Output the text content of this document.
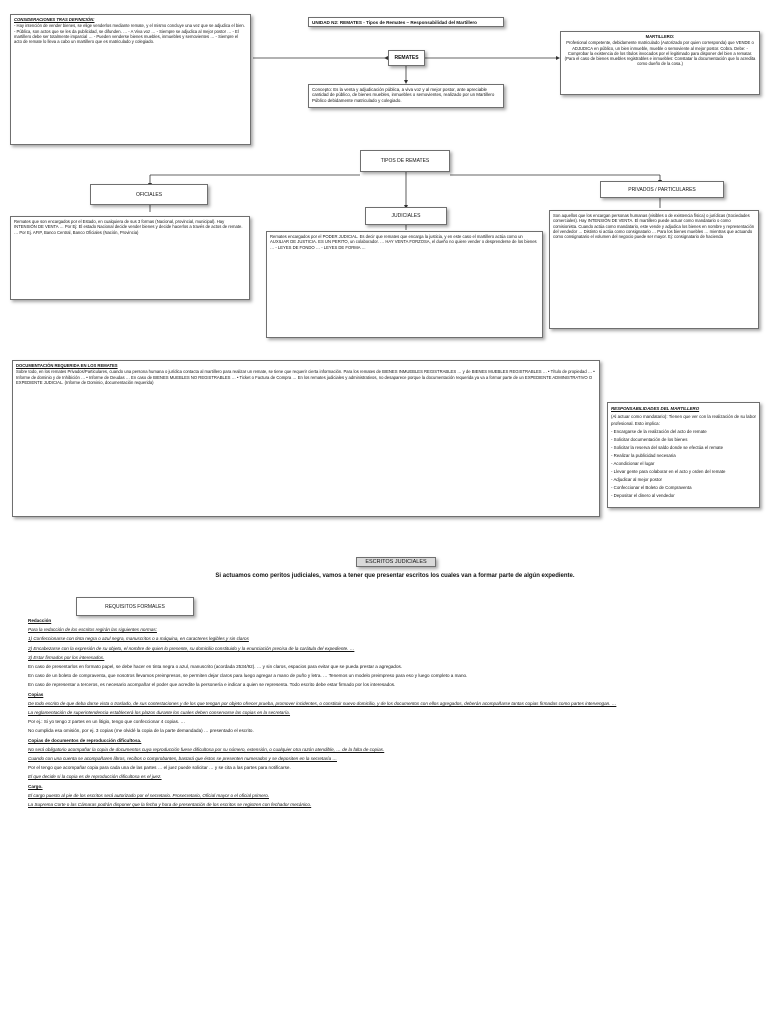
CONSIDERACIONES TRAS DEFINICIÓN:

- Hay intención de vender bienes, se elige venderlos mediante remate, y el mismo concluye una vez que se adjudica el bien. - Pública, son actos que se les da publicidad, se difunden. … - A Viva voz … - Siempre se adjudica al mejor postor … - El martillero debe ser totalmente imparcial … - Pueden venderse bienes muebles, inmuebles y semovientes … - Siempre el acto de remate lo lleva a cabo un martillero que es matriculado y colegiado.

UNIDAD N2: REMATES - Tipos de Remates – Responsabilidad del Martillero

REMATES

Concepto: Es la venta y adjudicación pública, a viva voz y al mejor postor, ante apreciable cantidad de público, de bienes muebles, inmuebles o semovientes, realizado por un Martillero Público debidamente matriculado y colegiado.

MARTILLERO:

Profesional competente, debidamente matriculado (Autorizado por quien corresponda) que VENDE o ADJUDICA en público, un bien inmueble, mueble o semoviente al mejor postor. Cobra. Debe: - Comprobar la existencia de los títulos invocados por el legitimado para disponer del bien a rematar. (Para el caso de bienes muebles registrables e inmuebles: Constatar la documentación que lo acredita como dueño de la cosa.)

TIPOS DE REMATES
OFICIALES
JUDICIALES
PRIVADOS / PARTICULARES

Remates que son encargados por el Estado, en cualquiera de sus 3 formas (Nacional, provincial, municipal). Hay INTENSIÓN DE VENTA … Por Ej: El estado Nacional decide vender bienes y decide hacerlos a través de actos de remate. … Por Ej. AFIP, Banco Central, Banco Oficiales (Nación, Provincia)

Remates encargados por el PODER JUDICIAL. Es decir que remates que encarga la justicia, y en este caso el martillero actúa como un AUXILIAR DE JUSTICIA. ES UN PERITO, un colaborador. … HAY VENTA FORZOSA, el dueño no quiere vender o desprenderse de los bienes … - LEYES DE FONDO … - LEYES DE FORMA …

Son aquellos que los encargan personas humanas (visibles o de existencia física) o jurídicas (Sociedades comerciales). Hay INTENSIÓN DE VENTA. El martillero puede actuar como mandatario o como comisionista. Cuando actúa como mandatario, este vende y adjudica los bienes en nombre y representación del vendedor … Distinto si actúa como consignatario … Para los bienes muebles … mientras que actuando como consignatario el volumen del negocio puede ser mayor. Ej: consignatario de hacienda

DOCUMENTACIÓN REQUERIDA EN LOS REMATES

Sobre todo, en los remates Privados/Particulares, cuando una persona humana o jurídica contacta al martillero para realizar un remate, se tiene que requerir cierta información. Para los remates de BIENES INMUEBLES REGISTRABLES … y de BIENES MUEBLES REGISTRABLES … • Título de propiedad … • Informe de dominio y de Inhibición … • Informe de Deudas … En caso de BIENES MUEBLES NO REGISTRABLES … • Ticket o Factura de Compra … En los remates judiciales y administrativos, no desaparece porque la documentación requerida ya va a formar parte de un EXPEDIENTE ADMINISTRATIVO O EXPEDIENTE JUDICIAL. (Informe de Dominio, documentación requerida)

RESPONSABILIDADES DEL MARTILLERO

(Al actuar como mandatario): Tienen que ver con la realización de su labor profesional. Esto implica:

- Encargarse de la realización del acto de remate

- Solicitar documentación de los bienes

- Solicitar la reserva del saldo donde se efectúa el remate

- Realizar la publicidad necesaria

- Acondicionar el lugar

- Llevar gente para colaborar en el acto y orden del remate

- Adjudicar al mejor postor

- Confeccionar el Boleto de Compraventa

- Depositar el dinero al vendedor

ESCRITOS JUDICIALES
Si actuamos como peritos judiciales, vamos a tener que presentar escritos los cuales van a formar parte de algún expediente.
REQUISITOS FORMALES

Redacción

Para la redacción de los escritos regirán las siguientes normas:

1) Confeccionarse con tinta negra o azul negra, manuscritos o a máquina, en caracteres legibles y sin claros

2) Encabezarse con la expresión de su objeto, el nombre de quien lo presente, su domicilio constituido y la enunciación precisa de la carátula del expediente. …

3) Estar firmados por los interesados.

En caso de presentarlos en formato papel, se debe hacer en tinta negra o azul, manuscrito (acordada 2534/92). … y sin claros, espacios para evitar que se pueda prestar a agregados.

En caso de un boleto de compraventa, que nosotros llevamos preimpresos, se permiten dejar claros para luego agregar a mano de puño y letra. … Tenemos un modelo preimpreso para eso y luego completo a mano.

En caso de representar a terceros, es necesario acompañar el poder que acredite la personería e indicar a quien se representa. Todo escrito debe estar firmado por los interesados.

Copias

De todo escrito de que deba darse vista o traslado, de sus contestaciones y de los que tengan por objeto ofrecer prueba, promover incidentes, o constituir nuevo domicilio, y de los documentos con ellos agregados, deberán acompañarse tantas copias firmadas como partes intervengan. …

La reglamentación de superintendencia establecerá los plazos durante los cuales deben conservarse las copias en la secretaría.

Por ej.: Si yo tengo 2 partes en un litigio, tengo que confeccionar 4 copias. …

No cumplida esa omisión, por ej. 3 copias (me olvidé la copia de la parte demandada) … presentado el escrito.

Copias de documentos de reproducción dificultosa.

No será obligatorio acompañar la copia de documentos cuya reproducción fuese dificultosa por su número, extensión, o cualquier otra razón atendible, … de la falta de copias.

Cuando con una cuenta se acompañaren libros, recibos o comprobantes, bastará que éstos se presenten numerados y se depositen en la secretaría …

Por el tengo que acompañar copia para cada una de las partes … el juez puede solicitar … y se cita a las partes para notificarse.

El que decide si la copia es de reproducción dificultosa es el juez.

Cargo.

El cargo puesto al pie de los escritos será autorizado por el secretario. Prosecretario, Oficial mayor o el oficial primero.

La Suprema Corte o las Cámaras podrán disponer que la fecha y hora de presentación de los escritos se registren con fechador mecánico.
